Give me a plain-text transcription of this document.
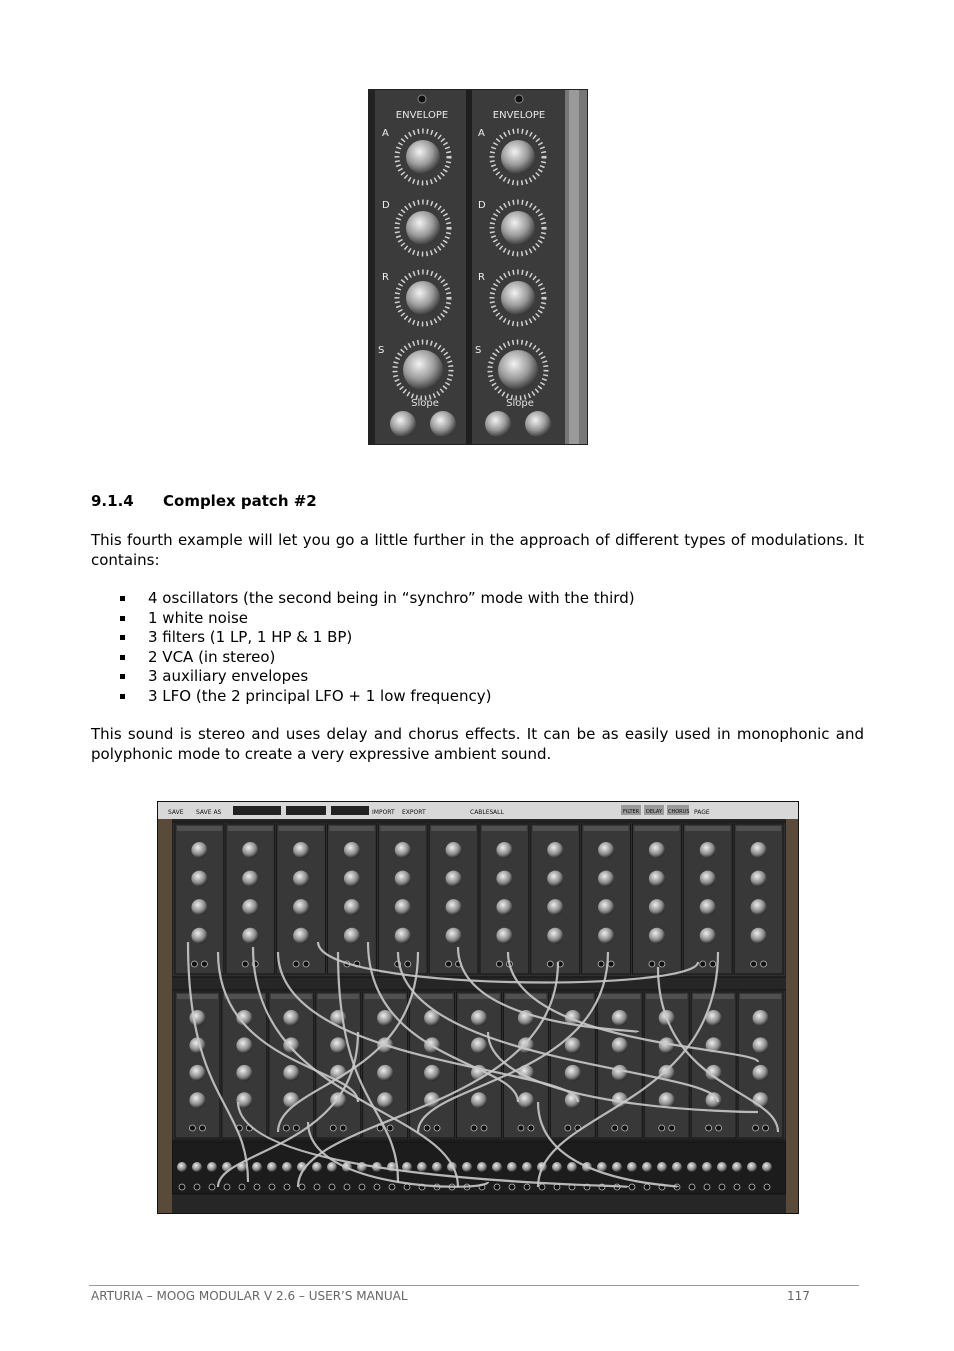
ENVELOPE
A
D
R
S
Slope
ENVELOPE
A
D
R
S
Slope
9.1.4 Complex patch #2
This fourth example will let you go a little further in the approach of different types of modulations. It contains:
4 oscillators (the second being in “synchro” mode with the third)
1 white noise
3 filters (1 LP, 1 HP & 1 BP)
2 VCA (in stereo)
3 auxiliary envelopes
3 LFO (the 2 principal LFO + 1 low frequency)
This sound is stereo and uses delay and chorus effects. It can be as easily used in monophonic and polyphonic mode to create a very expressive ambient sound.
SAVE SAVE AS	IMPORT EXPORT	CABLES ALL	FILTER DELAY CHORUS PAGE
ARTURIA – MOOG MODULAR V 2.6 – USER’S MANUAL	117
